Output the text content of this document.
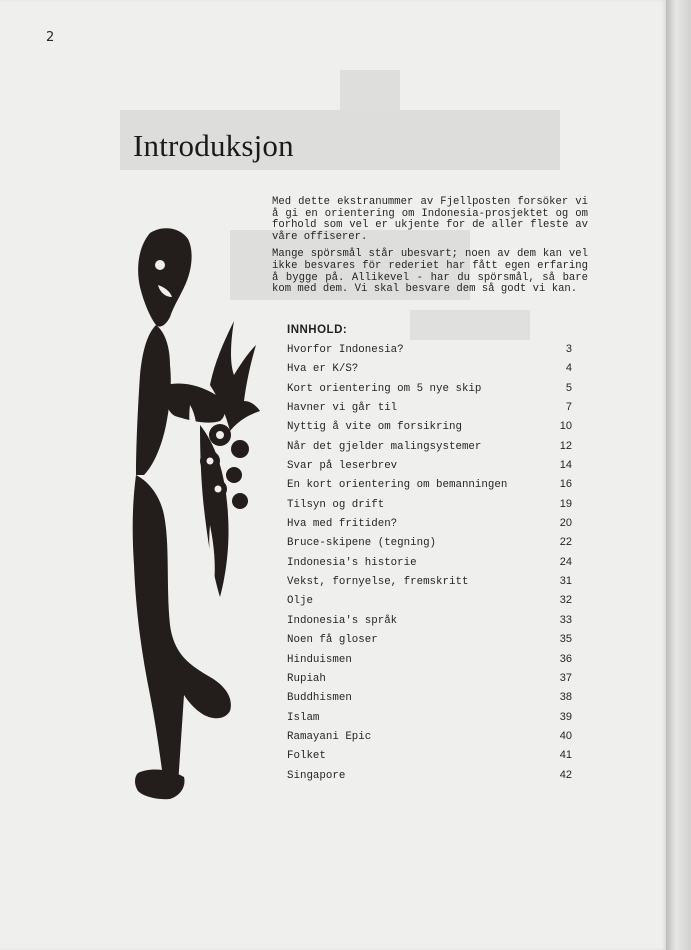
2
Introduksjon

Med dette ekstranummer av Fjellposten forsöker vi å gi en orientering om Indonesia-prosjektet og om forhold som vel er ukjente for de aller fleste av våre offiserer.

Mange spörsmål står ubesvart; noen av dem kan vel ikke besvares för rederiet har fått egen erfaring å bygge på. Allikevel - har du spörsmål, så bare kom med dem. Vi skal besvare dem så godt vi kan.

INNHOLD:
Hvorfor Indonesia?	3
Hva er K/S?	4
Kort orientering om 5 nye skip	5
Havner vi går til	7
Nyttig å vite om forsikring	10
Når det gjelder malingsystemer	12
Svar på leserbrev	14
En kort orientering om bemanningen	16
Tilsyn og drift	19
Hva med fritiden?	20
Bruce-skipene (tegning)	22
Indonesia's historie	24
Vekst, fornyelse, fremskritt	31
Olje	32
Indonesia's språk	33
Noen få gloser	35
Hinduismen	36
Rupiah	37
Buddhismen	38
Islam	39
Ramayani Epic	40
Folket	41
Singapore	42
